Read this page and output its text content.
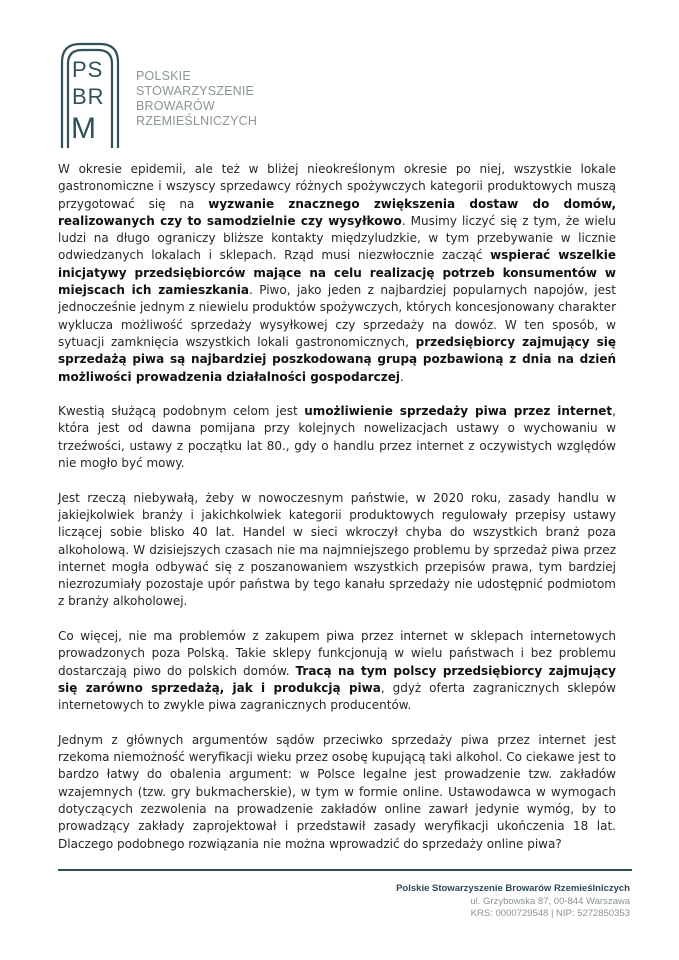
PS
BR
M
POLSKIE
STOWARZYSZENIE
BROWARÓW
RZEMIEŚLNICZYCH

W okresie epidemii, ale też w bliżej nieokreślonym okresie po niej, wszystkie lokale gastronomiczne i wszyscy sprzedawcy różnych spożywczych kategorii produktowych muszą przygotować się na wyzwanie znacznego zwiększenia dostaw do domów, realizowanych czy to samodzielnie czy wysyłkowo. Musimy liczyć się z tym, że wielu ludzi na długo ograniczy bliższe kontakty międzyludzkie, w tym przebywanie w licznie odwiedzanych lokalach i sklepach. Rząd musi niezwłocznie zacząć wspierać wszelkie inicjatywy przedsiębiorców mające na celu realizację potrzeb konsumentów w miejscach ich zamieszkania. Piwo, jako jeden z najbardziej popularnych napojów, jest jednocześnie jednym z niewielu produktów spożywczych, których koncesjonowany charakter wyklucza możliwość sprzedaży wysyłkowej czy sprzedaży na dowóz. W ten sposób, w sytuacji zamknięcia wszystkich lokali gastronomicznych, przedsiębiorcy zajmujący się sprzedażą piwa są najbardziej poszkodowaną grupą pozbawioną z dnia na dzień możliwości prowadzenia działalności gospodarczej.

Kwestią służącą podobnym celom jest umożliwienie sprzedaży piwa przez internet, która jest od dawna pomijana przy kolejnych nowelizacjach ustawy o wychowaniu w trzeźwości, ustawy z początku lat 80., gdy o handlu przez internet z oczywistych względów nie mogło być mowy.

Jest rzeczą niebywałą, żeby w nowoczesnym państwie, w 2020 roku, zasady handlu w jakiejkolwiek branży i jakichkolwiek kategorii produktowych regulowały przepisy ustawy liczącej sobie blisko 40 lat. Handel w sieci wkroczył chyba do wszystkich branż poza alkoholową. W dzisiejszych czasach nie ma najmniejszego problemu by sprzedaż piwa przez internet mogła odbywać się z poszanowaniem wszystkich przepisów prawa, tym bardziej niezrozumiały pozostaje upór państwa by tego kanału sprzedaży nie udostępnić podmiotom z branży alkoholowej.

Co więcej, nie ma problemów z zakupem piwa przez internet w sklepach internetowych prowadzonych poza Polską. Takie sklepy funkcjonują w wielu państwach i bez problemu dostarczają piwo do polskich domów. Tracą na tym polscy przedsiębiorcy zajmujący się zarówno sprzedażą, jak i produkcją piwa, gdyż oferta zagranicznych sklepów internetowych to zwykle piwa zagranicznych producentów.

Jednym z głównych argumentów sądów przeciwko sprzedaży piwa przez internet jest rzekoma niemożność weryfikacji wieku przez osobę kupującą taki alkohol. Co ciekawe jest to bardzo łatwy do obalenia argument: w Polsce legalne jest prowadzenie tzw. zakładów wzajemnych (tzw. gry bukmacherskie), w tym w formie online. Ustawodawca w wymogach dotyczących zezwolenia na prowadzenie zakładów online zawarł jedynie wymóg, by to prowadzący zakłady zaprojektował i przedstawił zasady weryfikacji ukończenia 18 lat. Dlaczego podobnego rozwiązania nie można wprowadzić do sprzedaży online piwa?

Polskie Stowarzyszenie Browarów Rzemieślniczych
ul. Grzybowska 87, 00-844 Warszawa
KRS: 0000729548 | NIP: 5272850353
